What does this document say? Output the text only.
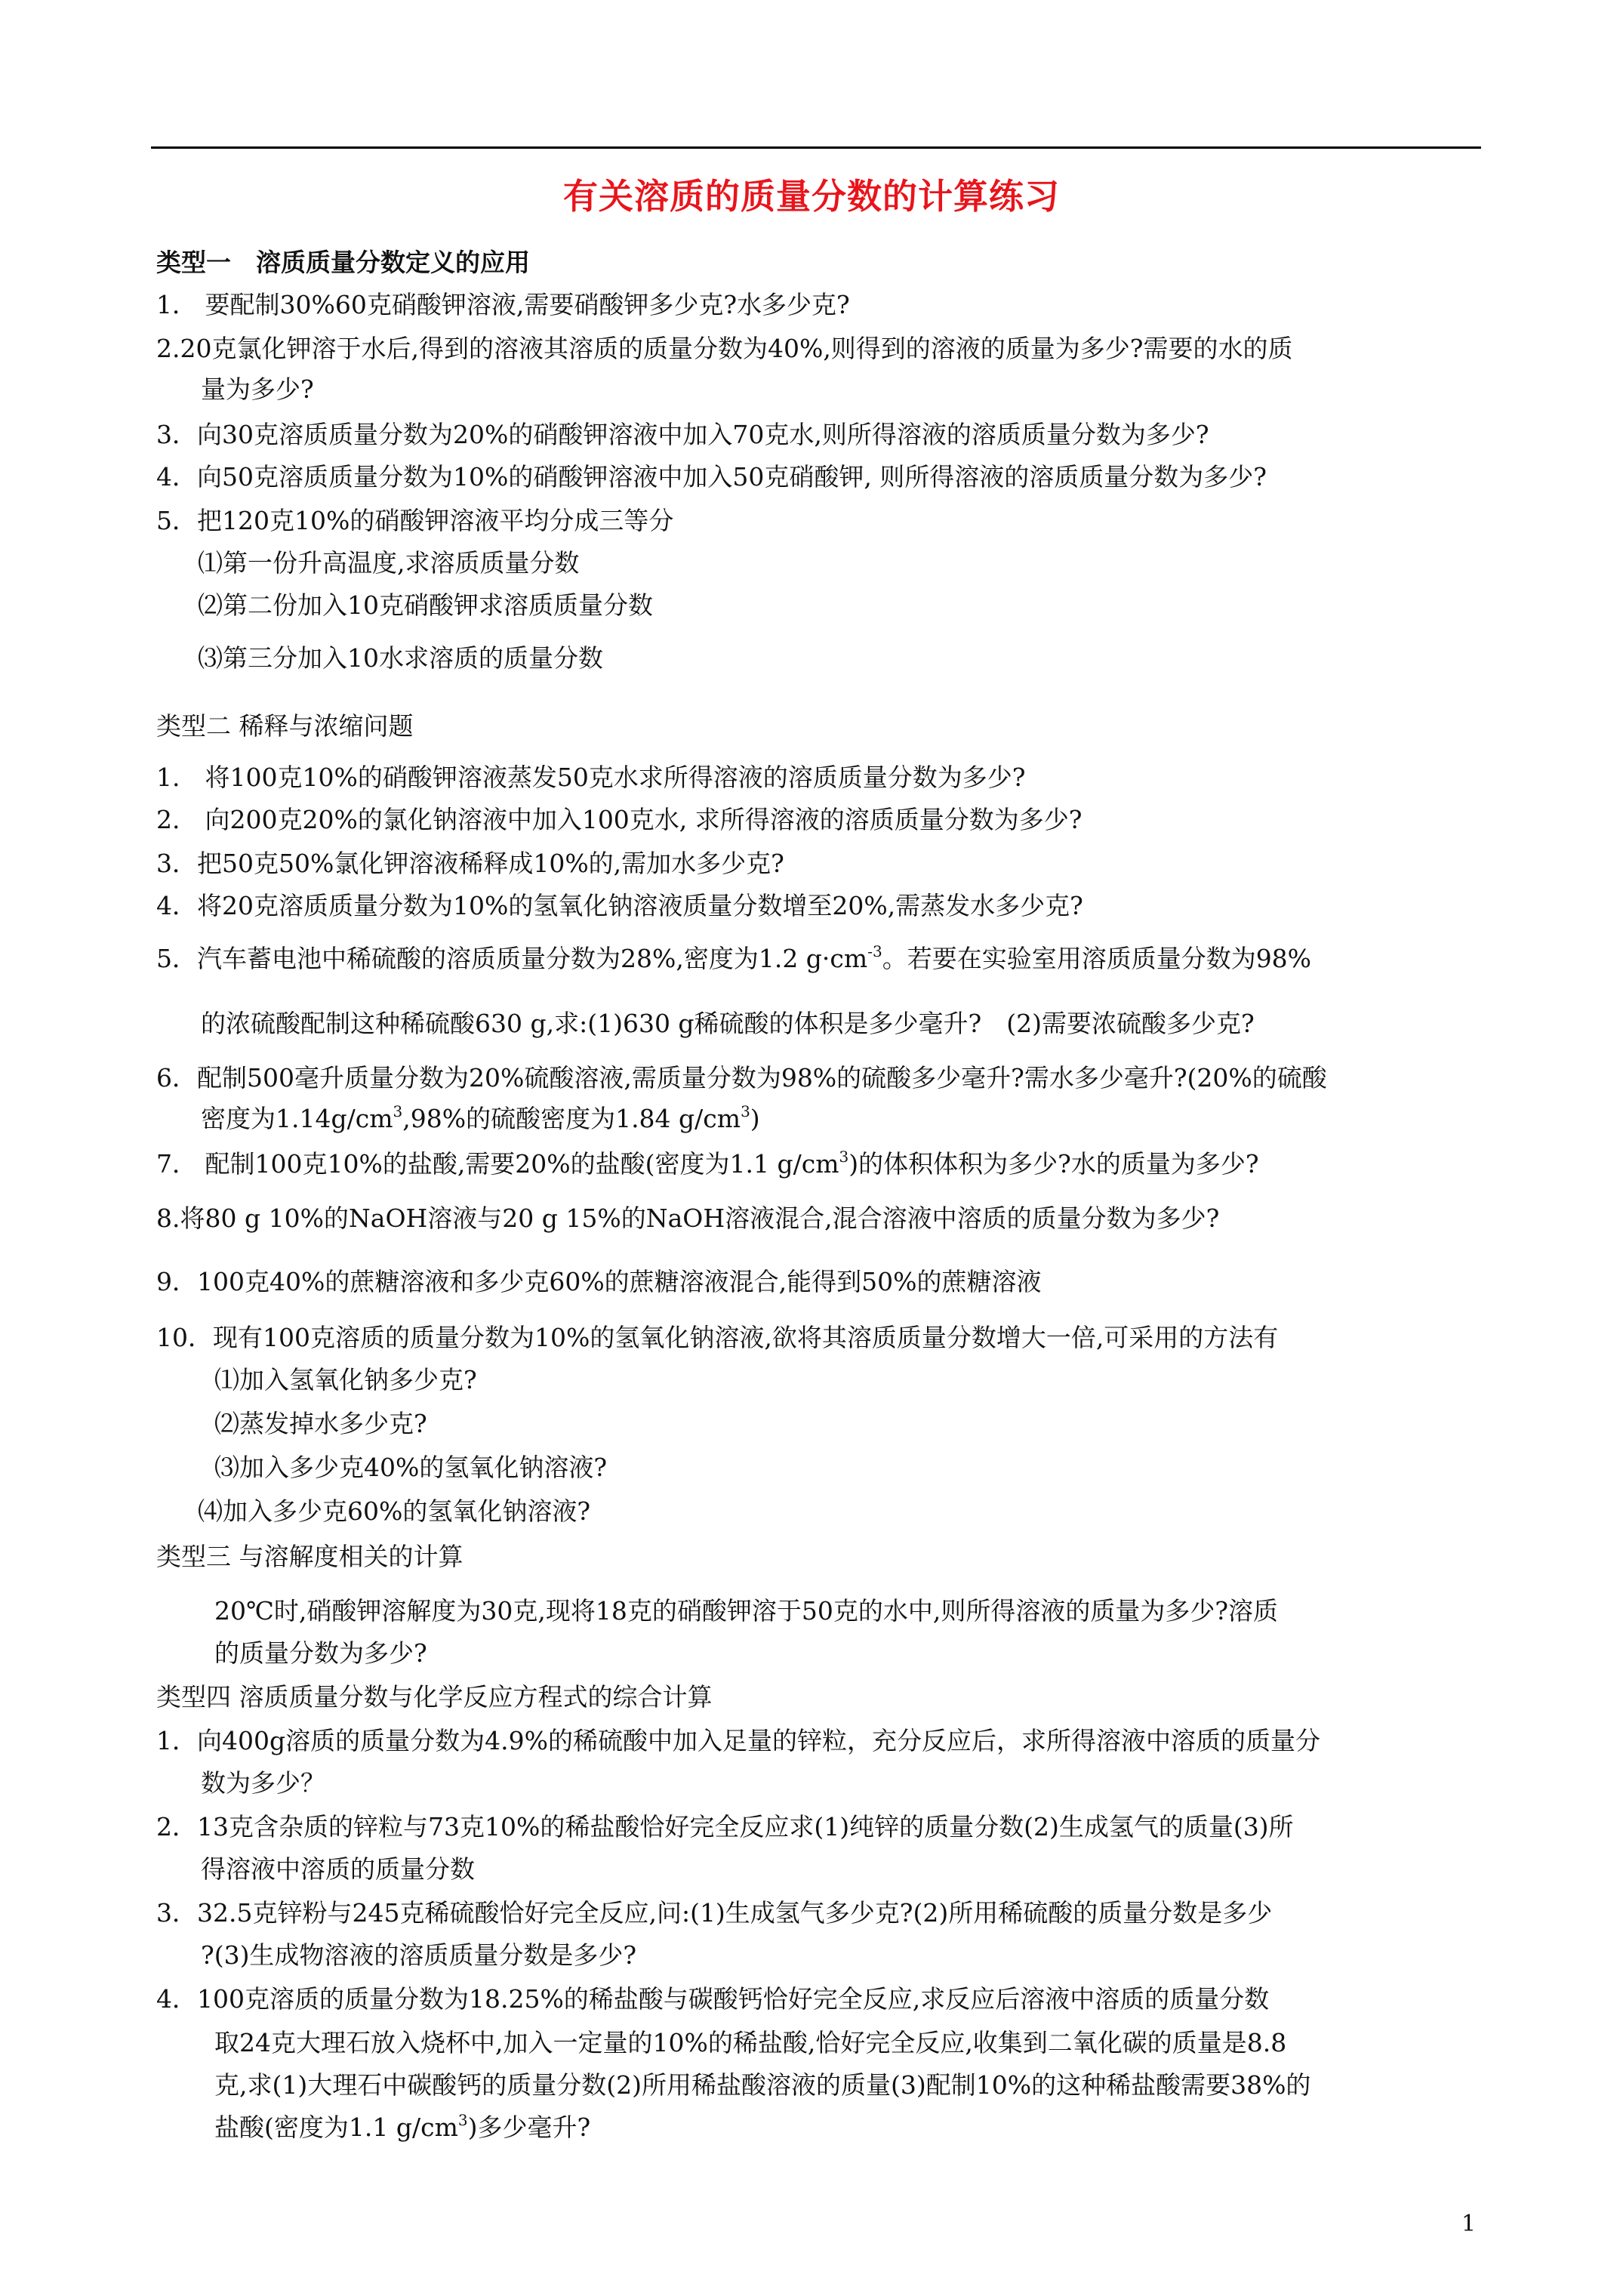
有关溶质的质量分数的计算练习
类型一　溶质质量分数定义的应用
1． 要配制30%60克硝酸钾溶液,需要硝酸钾多少克?水多少克?
2.20克氯化钾溶于水后,得到的溶液其溶质的质量分数为40%,则得到的溶液的质量为多少?需要的水的质
量为多少?
3．向30克溶质质量分数为20%的硝酸钾溶液中加入70克水,则所得溶液的溶质质量分数为多少?
4．向50克溶质质量分数为10%的硝酸钾溶液中加入50克硝酸钾, 则所得溶液的溶质质量分数为多少?
5．把120克10%的硝酸钾溶液平均分成三等分
⑴第一份升高温度,求溶质质量分数
⑵第二份加入10克硝酸钾求溶质质量分数
⑶第三分加入10水求溶质的质量分数
类型二 稀释与浓缩问题
1.　将100克10%的硝酸钾溶液蒸发50克水求所得溶液的溶质质量分数为多少?
2.　向200克20%的氯化钠溶液中加入100克水, 求所得溶液的溶质质量分数为多少?
3．把50克50%氯化钾溶液稀释成10%的,需加水多少克?
4．将20克溶质质量分数为10%的氢氧化钠溶液质量分数增至20%,需蒸发水多少克?
5．汽车蓄电池中稀硫酸的溶质质量分数为28%,密度为1.2 $g\cdot cm^{-3}$。若要在实验室用溶质质量分数为98%
的浓硫酸配制这种稀硫酸630 g,求:(1)630 g稀硫酸的体积是多少毫升?　(2)需要浓硫酸多少克?
6．配制500毫升质量分数为20%硫酸溶液,需质量分数为98%的硫酸多少毫升?需水多少毫升?(20%的硫酸
密度为$1.14g/cm^3,98\%$的硫酸密度为1.84 $g/cm^3$)
7． 配制100克10%的盐酸,需要20%的盐酸(密度为1.1 $g/cm^3$)的体积体积为多少?水的质量为多少?
8.将80 g 10%的NaOH溶液与20 g 15%的NaOH溶液混合,混合溶液中溶质的质量分数为多少?
9．100克40%的蔗糖溶液和多少克60%的蔗糖溶液混合,能得到50%的蔗糖溶液
10．现有100克溶质的质量分数为10%的氢氧化钠溶液,欲将其溶质质量分数增大一倍,可采用的方法有
⑴加入氢氧化钠多少克?
⑵蒸发掉水多少克?
⑶加入多少克40%的氢氧化钠溶液?
⑷加入多少克60%的氢氧化钠溶液?
类型三 与溶解度相关的计算
20℃时,硝酸钾溶解度为30克,现将18克的硝酸钾溶于50克的水中,则所得溶液的质量为多少?溶质
的质量分数为多少?
类型四 溶质质量分数与化学反应方程式的综合计算
1．向400g溶质的质量分数为4.9%的稀硫酸中加入足量的锌粒，充分反应后，求所得溶液中溶质的质量分
数为多少？
2．13克含杂质的锌粒与73克10%的稀盐酸恰好完全反应求(1)纯锌的质量分数(2)生成氢气的质量(3)所
得溶液中溶质的质量分数
3．32.5克锌粉与245克稀硫酸恰好完全反应,问:(1)生成氢气多少克?(2)所用稀硫酸的质量分数是多少
?(3)生成物溶液的溶质质量分数是多少?
4．100克溶质的质量分数为18.25%的稀盐酸与碳酸钙恰好完全反应,求反应后溶液中溶质的质量分数
取24克大理石放入烧杯中,加入一定量的10%的稀盐酸,恰好完全反应,收集到二氧化碳的质量是8.8
克,求(1)大理石中碳酸钙的质量分数(2)所用稀盐酸溶液的质量(3)配制10%的这种稀盐酸需要38%的
盐酸(密度为1.1 $g/cm^3$)多少毫升?
1
